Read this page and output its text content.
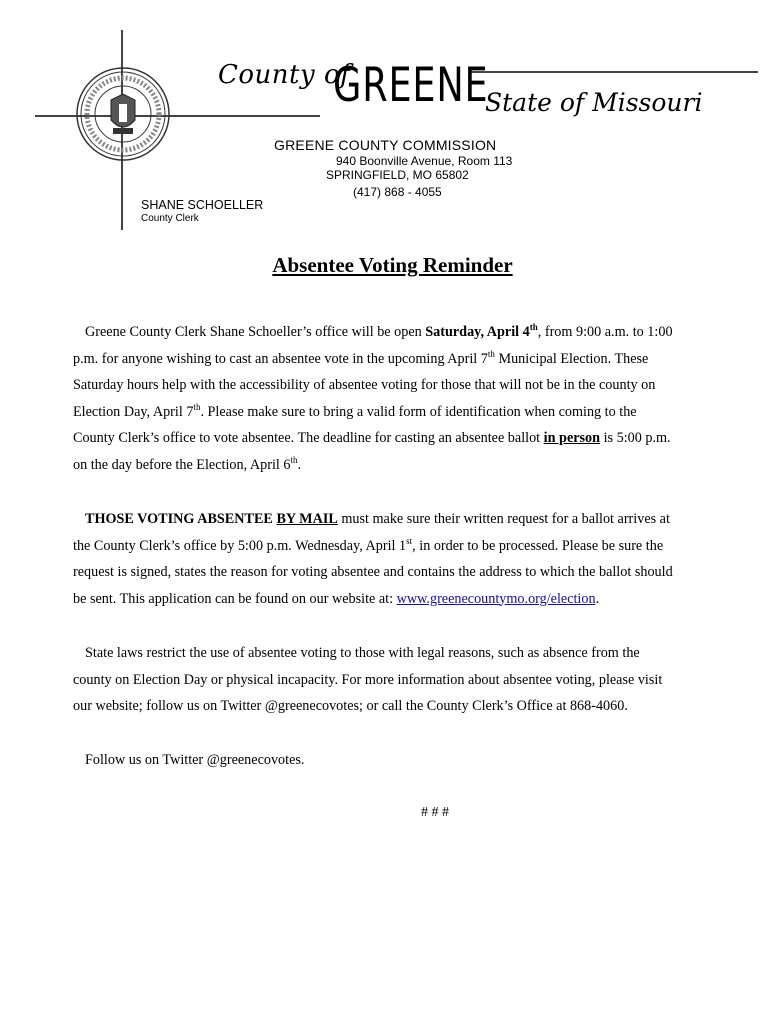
County of
GREENE
State of Missouri
GREENE COUNTY COMMISSION
940 Boonville Avenue, Room 113
SPRINGFIELD, MO 65802
(417) 868 - 4055
SHANE SCHOELLER
County Clerk
Absentee Voting Reminder
Greene County Clerk Shane Schoeller’s office will be open Saturday, April 4th, from 9:00 a.m. to 1:00
p.m. for anyone wishing to cast an absentee vote in the upcoming April 7th Municipal Election. These
Saturday hours help with the accessibility of absentee voting for those that will not be in the county on
Election Day, April 7th. Please make sure to bring a valid form of identification when coming to the
County Clerk’s office to vote absentee. The deadline for casting an absentee ballot in person is 5:00 p.m.
on the day before the Election, April 6th.
THOSE VOTING ABSENTEE BY MAIL must make sure their written request for a ballot arrives at
the County Clerk’s office by 5:00 p.m. Wednesday, April 1st, in order to be processed. Please be sure the
request is signed, states the reason for voting absentee and contains the address to which the ballot should
be sent. This application can be found on our website at: www.greenecountymo.org/election.
State laws restrict the use of absentee voting to those with legal reasons, such as absence from the
county on Election Day or physical incapacity. For more information about absentee voting, please visit
our website; follow us on Twitter @greenecovotes; or call the County Clerk’s Office at 868-4060.
Follow us on Twitter @greenecovotes.
# # #
